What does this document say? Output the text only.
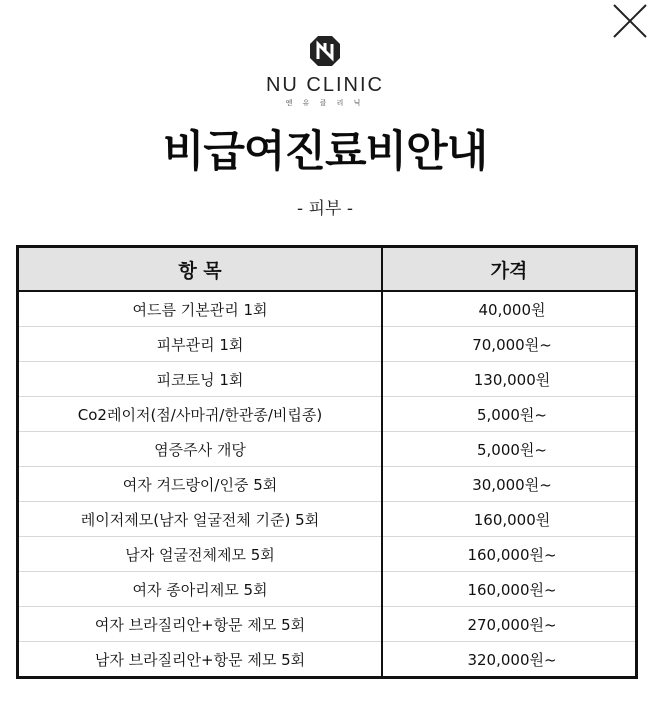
NU CLINIC
엔 유 클 리 닉
비급여진료비안내
- 피부 -
항 목	가격
여드름 기본관리 1회	40,000원
피부관리 1회	70,000원~
피코토닝 1회	130,000원
Co2레이저(점/사마귀/한관종/비립종)	5,000원~
염증주사 개당	5,000원~
여자 겨드랑이/인중 5회	30,000원~
레이저제모(남자 얼굴전체 기준) 5회	160,000원
남자 얼굴전체제모 5회	160,000원~
여자 종아리제모 5회	160,000원~
여자 브라질리안+항문 제모 5회	270,000원~
남자 브라질리안+항문 제모 5회	320,000원~
